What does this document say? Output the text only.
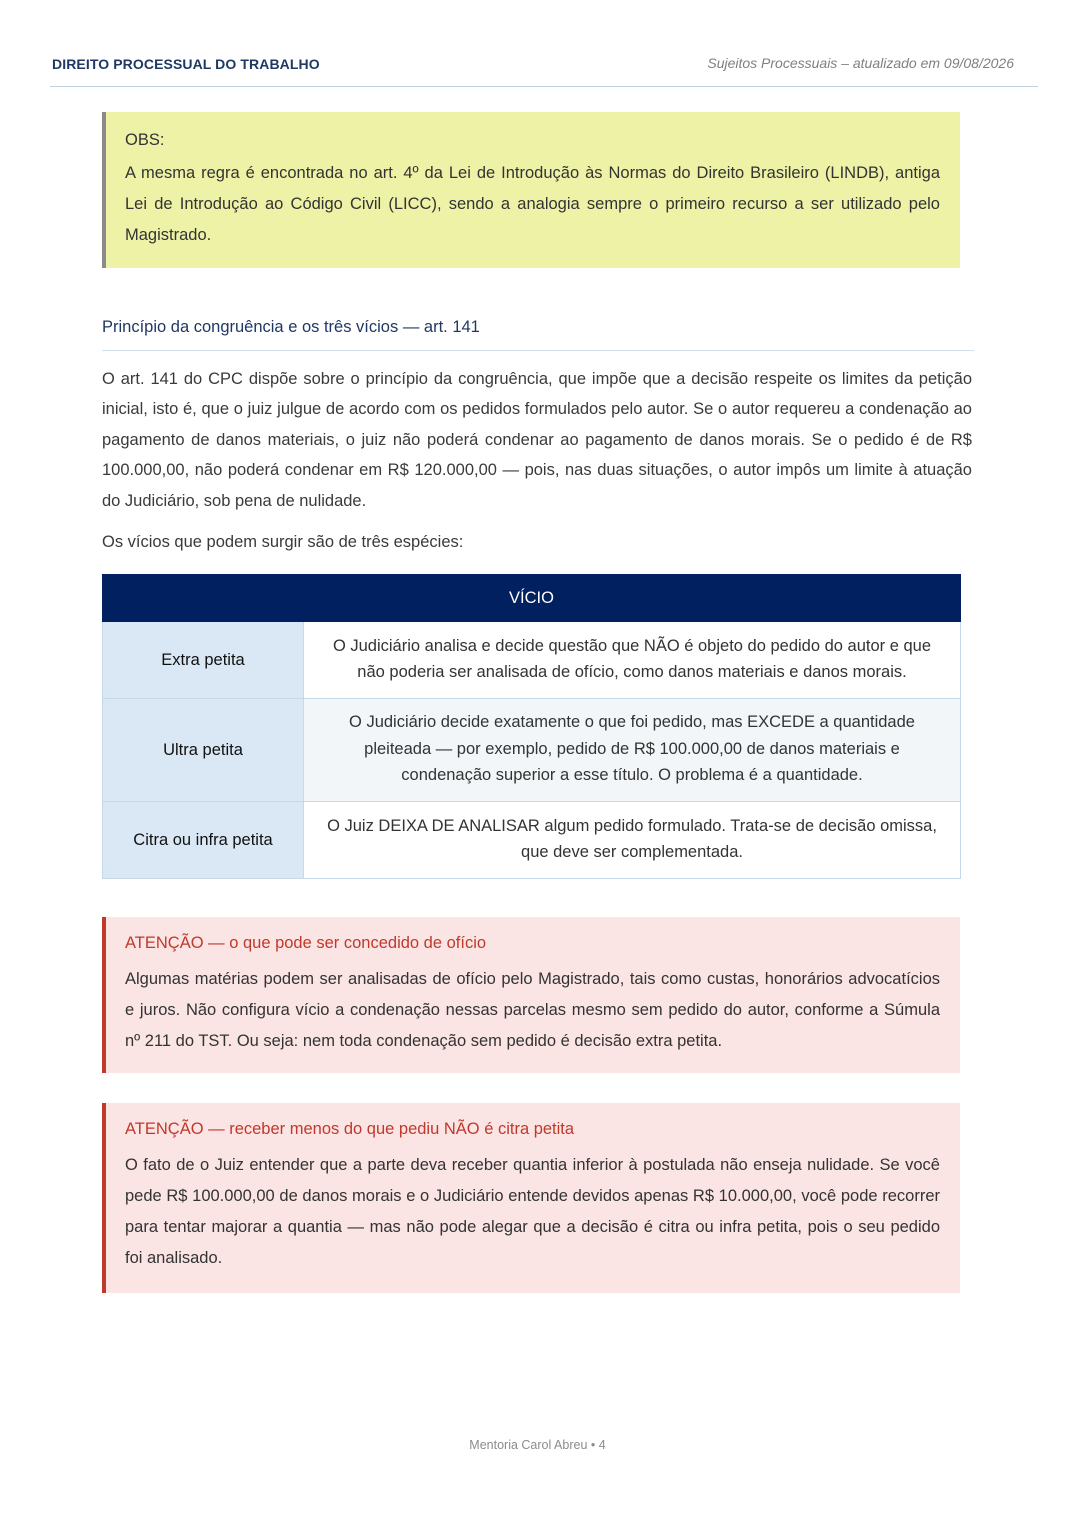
DIREITO PROCESSUAL DO TRABALHO	Sujeitos Processuais – atualizado em 09/08/2026
OBS:
A mesma regra é encontrada no art. 4º da Lei de Introdução às Normas do Direito Brasileiro (LINDB), antiga Lei de Introdução ao Código Civil (LICC), sendo a analogia sempre o primeiro recurso a ser utilizado pelo Magistrado.
Princípio da congruência e os três vícios — art. 141
O art. 141 do CPC dispõe sobre o princípio da congruência, que impõe que a decisão respeite os limites da petição inicial, isto é, que o juiz julgue de acordo com os pedidos formulados pelo autor. Se o autor requereu a condenação ao pagamento de danos materiais, o juiz não poderá condenar ao pagamento de danos morais. Se o pedido é de R$ 100.000,00, não poderá condenar em R$ 120.000,00 — pois, nas duas situações, o autor impôs um limite à atuação do Judiciário, sob pena de nulidade.
Os vícios que podem surgir são de três espécies:
VÍCIO	
Extra petita	O Judiciário analisa e decide questão que NÃO é objeto do pedido do autor e que não poderia ser analisada de ofício, como danos materiais e danos morais.
Ultra petita	O Judiciário decide exatamente o que foi pedido, mas EXCEDE a quantidade pleiteada — por exemplo, pedido de R$ 100.000,00 de danos materiais e condenação superior a esse título. O problema é a quantidade.
Citra ou infra petita	O Juiz DEIXA DE ANALISAR algum pedido formulado. Trata-se de decisão omissa, que deve ser complementada.
ATENÇÃO — o que pode ser concedido de ofício
Algumas matérias podem ser analisadas de ofício pelo Magistrado, tais como custas, honorários advocatícios e juros. Não configura vício a condenação nessas parcelas mesmo sem pedido do autor, conforme a Súmula nº 211 do TST. Ou seja: nem toda condenação sem pedido é decisão extra petita.
ATENÇÃO — receber menos do que pediu NÃO é citra petita
O fato de o Juiz entender que a parte deva receber quantia inferior à postulada não enseja nulidade. Se você pede R$ 100.000,00 de danos morais e o Judiciário entende devidos apenas R$ 10.000,00, você pode recorrer para tentar majorar a quantia — mas não pode alegar que a decisão é citra ou infra petita, pois o seu pedido foi analisado.
Mentoria Carol Abreu • 4
